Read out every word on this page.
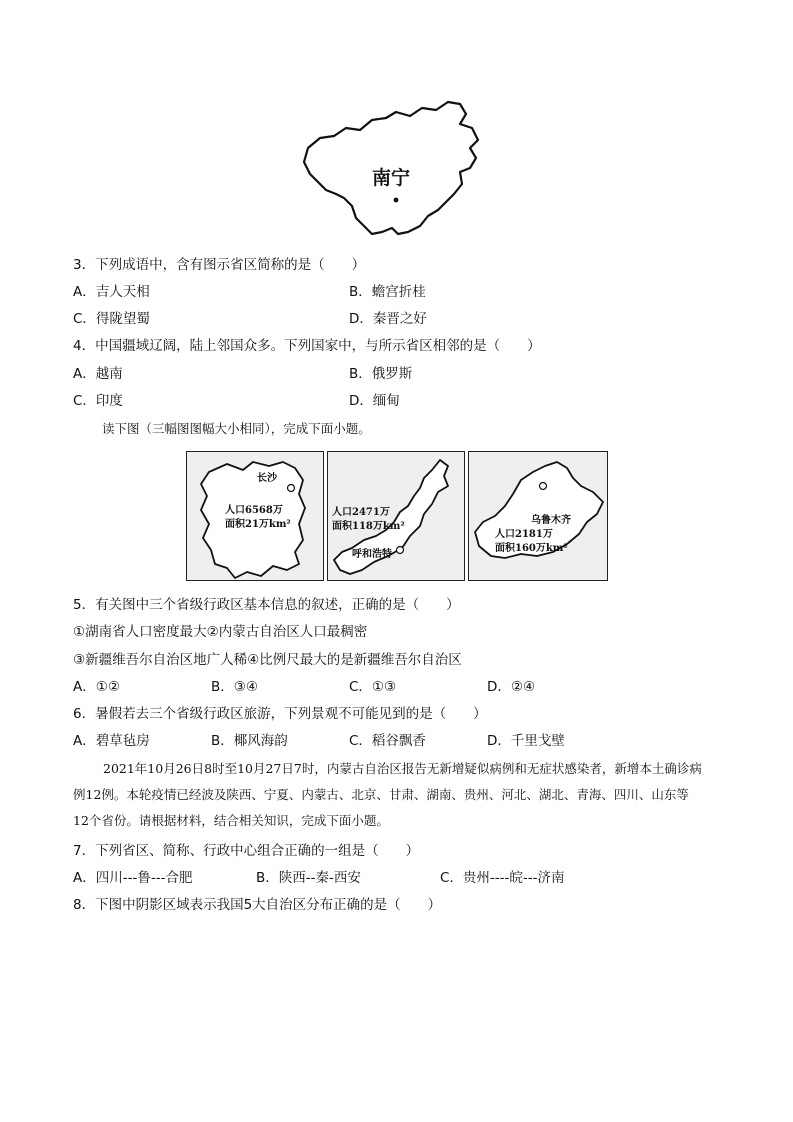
南宁
3．下列成语中，含有图示省区简称的是（　　）
A．吉人天相	B．蟾宫折桂
C．得陇望蜀	D．秦晋之好
4．中国疆域辽阔，陆上邻国众多。下列国家中，与所示省区相邻的是（　　）
A．越南	B．俄罗斯
C．印度	D．缅甸
读下图（三幅图图幅大小相同），完成下面小题。
长沙
人口6568万
面积21万km²
人口2471万
面积118万km²
呼和浩特
乌鲁木齐
人口2181万
面积160万km²
5．有关图中三个省级行政区基本信息的叙述，正确的是（　　）
①湖南省人口密度最大②内蒙古自治区人口最稠密
③新疆维吾尔自治区地广人稀④比例尺最大的是新疆维吾尔自治区
A．①②	B．③④	C．①③	D．②④
6．暑假若去三个省级行政区旅游，下列景观不可能见到的是（　　）
A．碧草毡房	B．椰风海韵	C．稻谷飘香	D．千里戈壁
2021年10月26日8时至10月27日7时，内蒙古自治区报告无新增疑似病例和无症状感染者，新增本土确诊病例12例。本轮疫情已经波及陕西、宁夏、内蒙古、北京、甘肃、湖南、贵州、河北、湖北、青海、四川、山东等12个省份。请根据材料，结合相关知识，完成下面小题。
7．下列省区、简称、行政中心组合正确的一组是（　　）
A．四川---鲁---合肥	B．陕西--秦-西安	C．贵州----皖---济南
8．下图中阴影区域表示我国5大自治区分布正确的是（　　）
